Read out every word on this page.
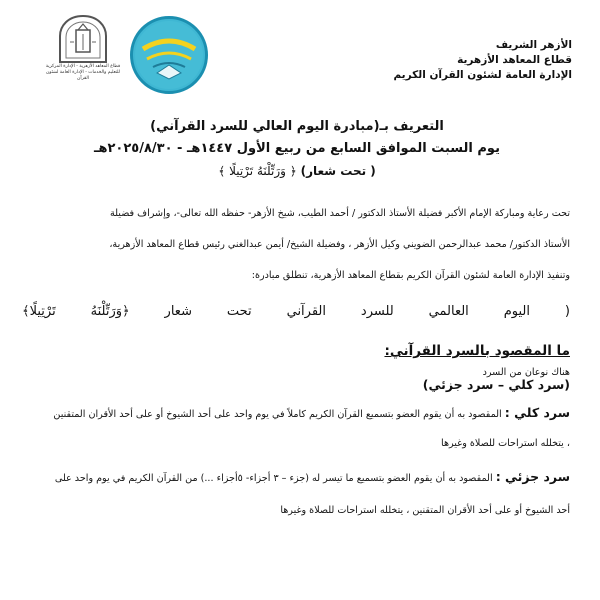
قطاع المعاهد الأزهرية - الإدارة المركزية للتعليم والخدمات - الإدارة العامة لشئون القرآن
الأزهر الشريف
قطاع المعاهد الأزهرية
الإدارة العامة لشئون القرآن الكريم
التعريف بـ(مبادرة اليوم العالي للسرد القرآني)
يوم السبت الموافق السابع من ربيع الأول ١٤٤٧هـ - ٢٠٢٥/٨/٣٠هـ
( تحت شعار) ﴿ وَرَتِّلْنَهُ تَرْتِيلًا ﴾
تحت رعاية ومباركة الإمام الأكبر فضيلة الأستاذ الدكتور / أحمد الطيب، شيخ الأزهر- حفظه الله تعالى-، وإشراف فضيلة
الأستاذ الدكتور/ محمد عبدالرحمن الضويني وكيل الأزهر ، وفضيلة الشيخ/ أيمن عبدالغني رئيس قطاع المعاهد الأزهرية،
وتنفيذ الإدارة العامة لشئون القرآن الكريم بقطاع المعاهد الأزهرية، تنطلق مبادرة:
( اليوم العالمي للسرد القرآني تحت شعار ﴿وَرَتِّلْنَهُ تَرْتِيلًا﴾
ما المقصود بالسرد القرآني:
هناك نوعان من السرد
(سرد كلي – سرد جزئي)
سرد كلي : المقصود به أن يقوم العضو بتسميع القرآن الكريم كاملاً في يوم واحد على أحد الشيوخ أو على أحد الأقران المتقنين
، يتخلله استراحات للصلاة وغيرها
سرد جزئي : المقصود به أن يقوم العضو بتسميع ما تيسر له (جزء – ٣ أجزاء- ٥أجزاء ...) من القرآن الكريم في يوم واحد على
أحد الشيوخ أو على أحد الأقران المتقنين ، يتخلله استراحات للصلاة وغيرها
